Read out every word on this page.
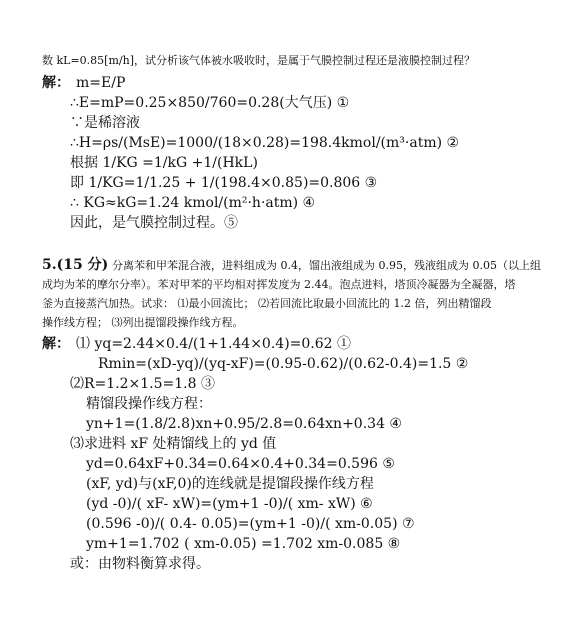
数 kL=0.85[m/h]，试分析该气体被水吸收时，是属于气膜控制过程还是液膜控制过程？
解： m=E/P
∴E=mP=0.25×850/760=0.28(大气压) ①
∵是稀溶液
∴H=ρs/(MsE)=1000/(18×0.28)=198.4kmol/(m³·atm) ②
根据 1/KG =1/kG +1/(HkL)
即 1/KG=1/1.25 + 1/(198.4×0.85)=0.806 ③
∴ KG≈kG=1.24 kmol/(m²·h·atm) ④
因此，是气膜控制过程。⑤
5.(15 分) 分离苯和甲苯混合液，进料组成为 0.4，馏出液组成为 0.95，残液组成为 0.05（以上组
成均为苯的摩尔分率）。苯对甲苯的平均相对挥发度为 2.44。泡点进料，塔顶冷凝器为全凝器，塔
釜为直接蒸汽加热。试求： ⑴最小回流比； ⑵若回流比取最小回流比的 1.2 倍，列出精馏段
操作线方程； ⑶列出提馏段操作线方程。
解： ⑴ yq=2.44×0.4/(1+1.44×0.4)=0.62 ①
Rmin=(xD-yq)/(yq-xF)=(0.95-0.62)/(0.62-0.4)=1.5 ②
⑵R=1.2×1.5=1.8 ③
精馏段操作线方程：
yn+1=(1.8/2.8)xn+0.95/2.8=0.64xn+0.34 ④
⑶求进料 xF 处精馏线上的 yd 值
yd=0.64xF+0.34=0.64×0.4+0.34=0.596 ⑤
(xF, yd)与(xF,0)的连线就是提馏段操作线方程
(yd -0)/( xF- xW)=(ym+1 -0)/( xm- xW) ⑥
(0.596 -0)/( 0.4- 0.05)=(ym+1 -0)/( xm-0.05) ⑦
ym+1=1.702 ( xm-0.05) =1.702 xm-0.085 ⑧
或：由物料衡算求得。
